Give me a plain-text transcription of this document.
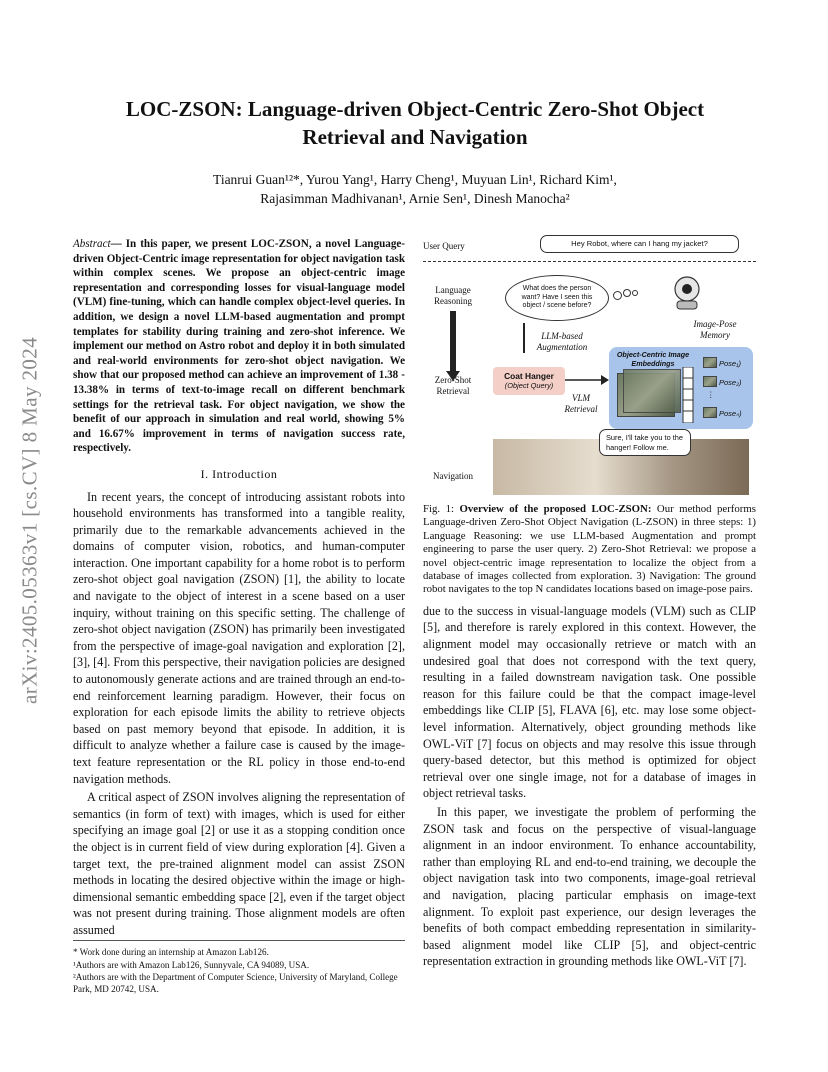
arXiv:2405.05363v1 [cs.CV] 8 May 2024
LOC-ZSON: Language-driven Object-Centric Zero-Shot Object Retrieval and Navigation
Tianrui Guan¹²*, Yurou Yang¹, Harry Cheng¹, Muyuan Lin¹, Richard Kim¹,
Rajasimman Madhivanan¹, Arnie Sen¹, Dinesh Manocha²
Abstract— In this paper, we present LOC-ZSON, a novel Language-driven Object-Centric image representation for object navigation task within complex scenes. We propose an object-centric image representation and corresponding losses for visual-language model (VLM) fine-tuning, which can handle complex object-level queries. In addition, we design a novel LLM-based augmentation and prompt templates for stability during training and zero-shot inference. We implement our method on Astro robot and deploy it in both simulated and real-world environments for zero-shot object navigation. We show that our proposed method can achieve an improvement of 1.38 - 13.38% in terms of text-to-image recall on different benchmark settings for the retrieval task. For object navigation, we show the benefit of our approach in simulation and real world, showing 5% and 16.67% improvement in terms of navigation success rate, respectively.
I. Introduction

In recent years, the concept of introducing assistant robots into household environments has transformed into a tangible reality, primarily due to the remarkable advancements achieved in the domains of computer vision, robotics, and human-computer interaction. One important capability for a home robot is to perform zero-shot object goal navigation (ZSON) [1], the ability to locate and navigate to the object of interest in a scene based on a user inquiry, without training on this specific setting. The challenge of zero-shot object navigation (ZSON) has primarily been investigated from the perspective of image-goal navigation and exploration [2], [3], [4]. From this perspective, their navigation policies are designed to autonomously generate actions and are trained through an end-to-end reinforcement learning paradigm. However, their focus on exploration for each episode limits the ability to retrieve objects based on past memory beyond that episode. In addition, it is difficult to analyze whether a failure case is caused by the image-text feature representation or the RL policy in those end-to-end navigation methods.

A critical aspect of ZSON involves aligning the representation of semantics (in form of text) with images, which is used for either specifying an image goal [2] or use it as a stopping condition once the object is in current field of view during exploration [4]. Given a target text, the pre-trained alignment model can assist ZSON methods in locating the desired objective within the image or high-dimensional semantic embedding space [2], even if the target object was not present during training. Those alignment models are often assumed

* Work done during an internship at Amazon Lab126.
¹Authors are with Amazon Lab126, Sunnyvale, CA 94089, USA.
²Authors are with the Department of Computer Science, University of Maryland, College Park, MD 20742, USA.
User Query	Hey Robot, where can I hang my jacket?
Language Reasoning
What does the person want? Have I seen this object / scene before?
Image-Pose Memory
LLM-based Augmentation
Zero-Shot Retrieval
Coat Hanger
(Object Query)
VLM Retrieval
Object-Centric Image Embeddings	Pose₁)
Pose₂)
⋮
Poseₙ)
Navigation
Sure, I'll take you to the hanger! Follow me.
Fig. 1: Overview of the proposed LOC-ZSON: Our method performs Language-driven Zero-Shot Object Navigation (L-ZSON) in three steps: 1) Language Reasoning: we use LLM-based Augmentation and prompt engineering to parse the user query. 2) Zero-Shot Retrieval: we propose a novel object-centric image representation to localize the object from a database of images collected from exploration. 3) Navigation: The ground robot navigates to the top N candidates locations based on image-pose pairs.

due to the success in visual-language models (VLM) such as CLIP [5], and therefore is rarely explored in this context. However, the alignment model may occasionally retrieve or match with an undesired goal that does not correspond with the text query, resulting in a failed downstream navigation task. One possible reason for this failure could be that the compact image-level embeddings like CLIP [5], FLAVA [6], etc. may lose some object-level information. Alternatively, object grounding methods like OWL-ViT [7] focus on objects and may resolve this issue through query-based detector, but this method is optimized for object retrieval over one single image, not for a database of images in object retrieval tasks.

In this paper, we investigate the problem of performing the ZSON task and focus on the perspective of visual-language alignment in an indoor environment. To enhance accountability, rather than employing RL and end-to-end training, we decouple the object navigation task into two components, image-goal retrieval and navigation, placing particular emphasis on image-text alignment. To exploit past experience, our design leverages the benefits of both compact embedding representation in similarity-based alignment model like CLIP [5], and object-centric representation extraction in grounding methods like OWL-ViT [7].
